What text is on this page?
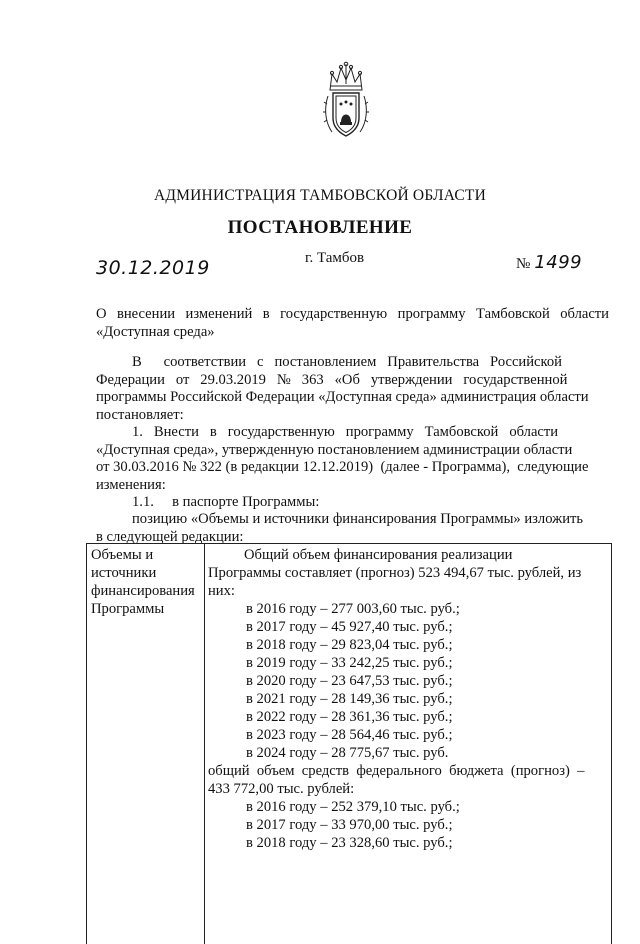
АДМИНИСТРАЦИЯ ТАМБОВСКОЙ ОБЛАСТИ
ПОСТАНОВЛЕНИЕ
30.12.2019	г. Тамбов	№ 1499
О внесении изменений в государственную программу Тамбовской области
«Доступная среда»
В      соответствии   с   постановлением   Правительства   Российской
Федерации   от   29.03.2019   №   363   «Об   утверждении   государственной
программы Российской Федерации «Доступная среда» администрация области
постановляет:
1.   Внести   в   государственную   программу   Тамбовской   области
«Доступная среда», утвержденную постановлением администрации области
от 30.03.2016 № 322 (в редакции 12.12.2019)  (далее - Программа),  следующие
изменения:
1.1.     в паспорте Программы:
позицию «Объемы и источники финансирования Программы» изложить
в следующей редакции:
Объемы и
источники
финансирования
Программы
Общий объем финансирования реализации
Программы составляет (прогноз) 523 494,67 тыс. рублей, из
них:
в 2016 году – 277 003,60 тыс. руб.;
в 2017 году – 45 927,40 тыс. руб.;
в 2018 году – 29 823,04 тыс. руб.;
в 2019 году – 33 242,25 тыс. руб.;
в 2020 году – 23 647,53 тыс. руб.;
в 2021 году – 28 149,36 тыс. руб.;
в 2022 году – 28 361,36 тыс. руб.;
в 2023 году – 28 564,46 тыс. руб.;
в 2024 году – 28 775,67 тыс. руб.
общий  объем  средств  федерального  бюджета  (прогноз)  –
433 772,00 тыс. рублей:
в 2016 году – 252 379,10 тыс. руб.;
в 2017 году – 33 970,00 тыс. руб.;
в 2018 году – 23 328,60 тыс. руб.;
